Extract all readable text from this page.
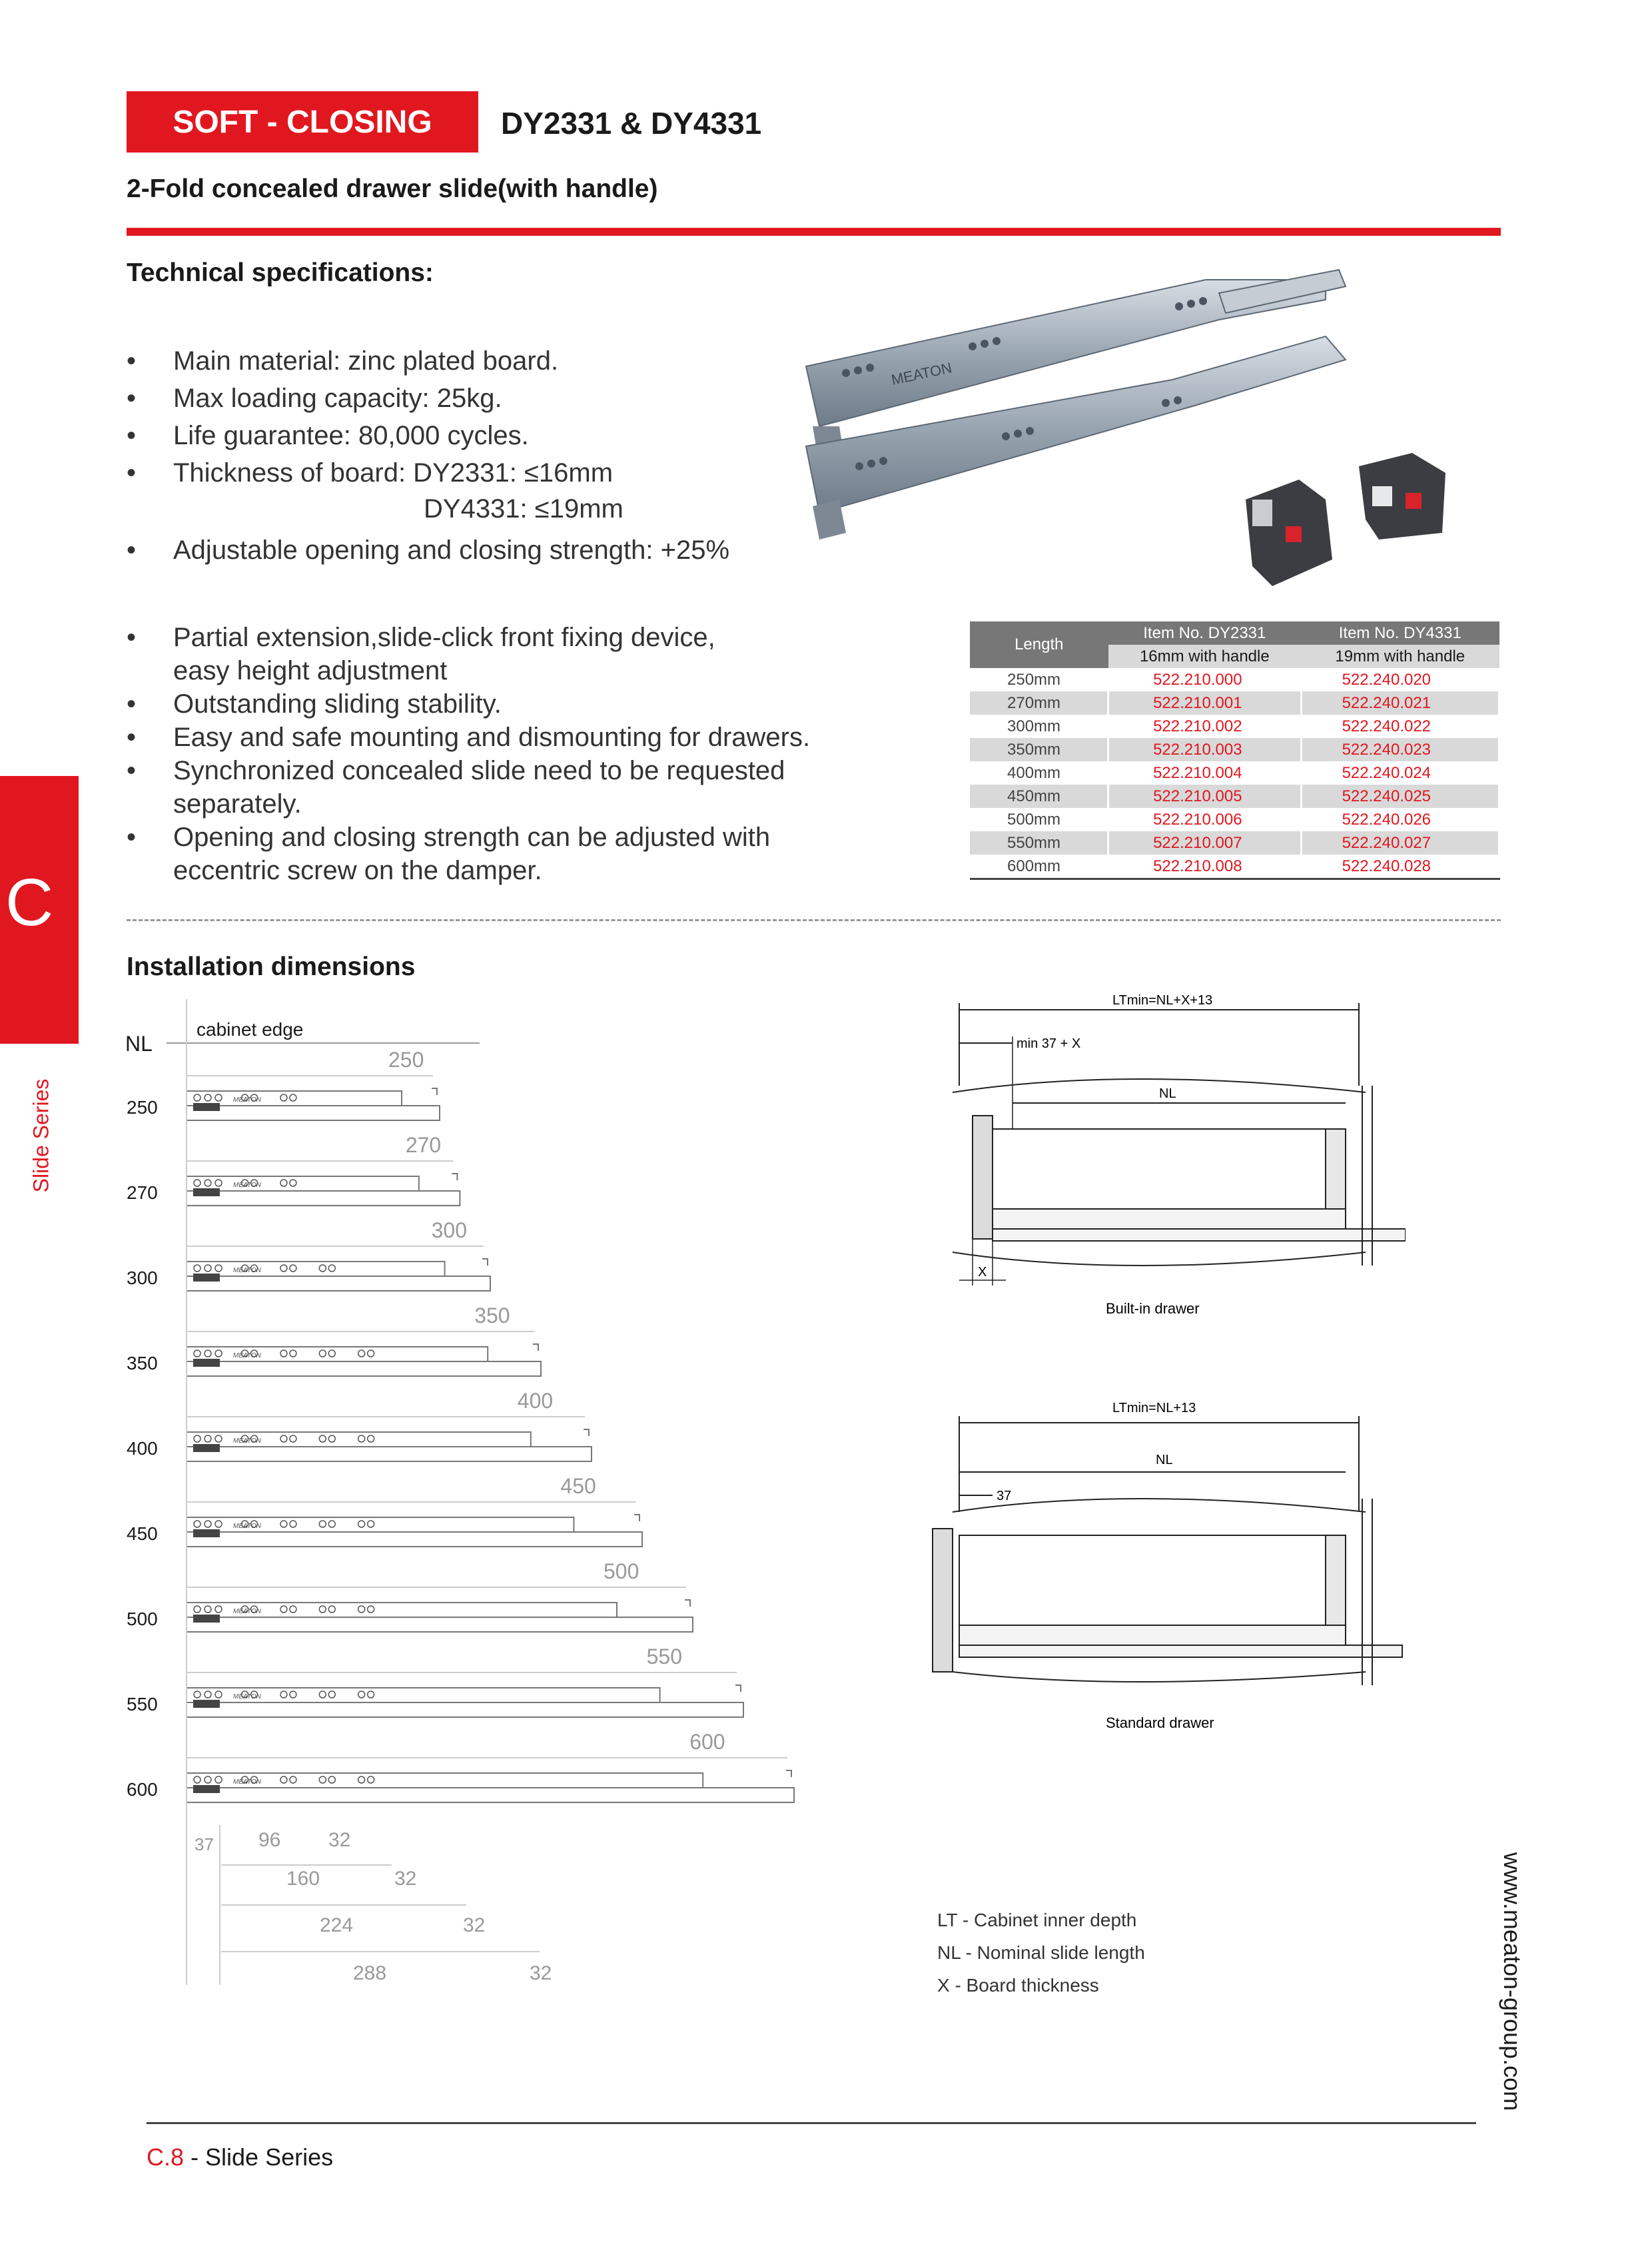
SOFT - CLOSING DY2331 & DY4331
2-Fold concealed drawer slide(with handle)
C
Slide Series
www.meaton-group.com
Technical specifications:
• Main material: zinc plated board.
• Max loading capacity: 25kg.
• Life guarantee: 80,000 cycles.
• Thickness of board: DY2331: ≤16mm
DY4331: ≤19mm
• Adjustable opening and closing strength: +25%
• Partial extension,slide-click front fixing device,
easy height adjustment
• Outstanding sliding stability.
• Easy and safe mounting and dismounting for drawers.
• Synchronized concealed slide need to be requested
separately.
• Opening and closing strength can be adjusted with
eccentric screw on the damper.
MEATON
Length	Item No. DY2331	Item No. DY4331
	16mm with handle	19mm with handle
250mm	522.210.000	522.240.020
270mm	522.210.001	522.240.021
300mm	522.210.002	522.240.022
350mm	522.210.003	522.240.023
400mm	522.210.004	522.240.024
450mm	522.210.005	522.240.025
500mm	522.210.006	522.240.026
550mm	522.210.007	522.240.027
600mm	522.210.008	522.240.028
Installation dimensions
NL
cabinet edge
250
250
MEATON
270
270
MEATON
300
300
MEATON
350
350
MEATON
400
400
MEATON
450
450
MEATON
500
500
MEATON
550
550
MEATON
600
600
MEATON
37 96 32
160	32
224	32
288	32
LTmin=NL+X+13
min 37 + X
NL
X
Built-in drawer
LTmin=NL+13
NL
37
Standard drawer
LT - Cabinet inner depth
NL - Nominal slide length
X - Board thickness
C.8 - Slide Series
